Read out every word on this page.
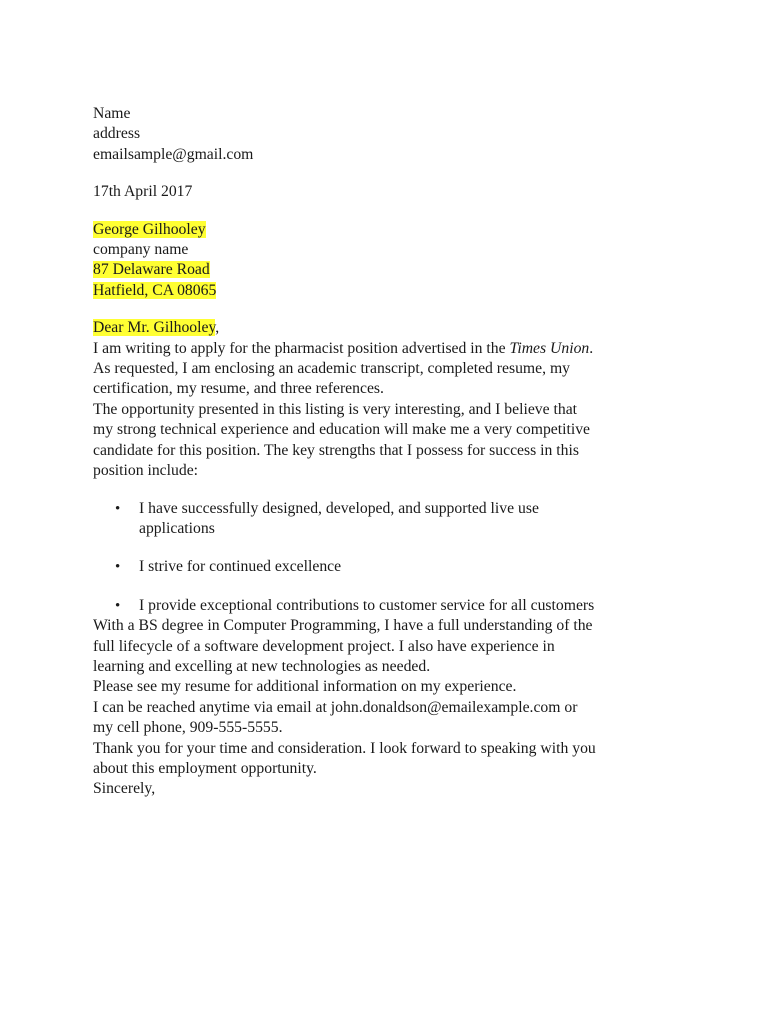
Name
address
emailsample@gmail.com
17th April 2017
George Gilhooley
company name
87 Delaware Road
Hatfield, CA 08065
Dear Mr. Gilhooley,

I am writing to apply for the pharmacist position advertised in the Times Union.
As requested, I am enclosing an academic transcript, completed resume, my
certification, my resume, and three references.

The opportunity presented in this listing is very interesting, and I believe that
my strong technical experience and education will make me a very competitive
candidate for this position. The key strengths that I possess for success in this
position include:

• I have successfully designed, developed, and supported live use
applications
• I strive for continued excellence
• I provide exceptional contributions to customer service for all customers

With a BS degree in Computer Programming, I have a full understanding of the
full lifecycle of a software development project. I also have experience in
learning and excelling at new technologies as needed.

Please see my resume for additional information on my experience.

I can be reached anytime via email at john.donaldson@emailexample.com or
my cell phone, 909-555-5555.

Thank you for your time and consideration. I look forward to speaking with you
about this employment opportunity.

Sincerely,
